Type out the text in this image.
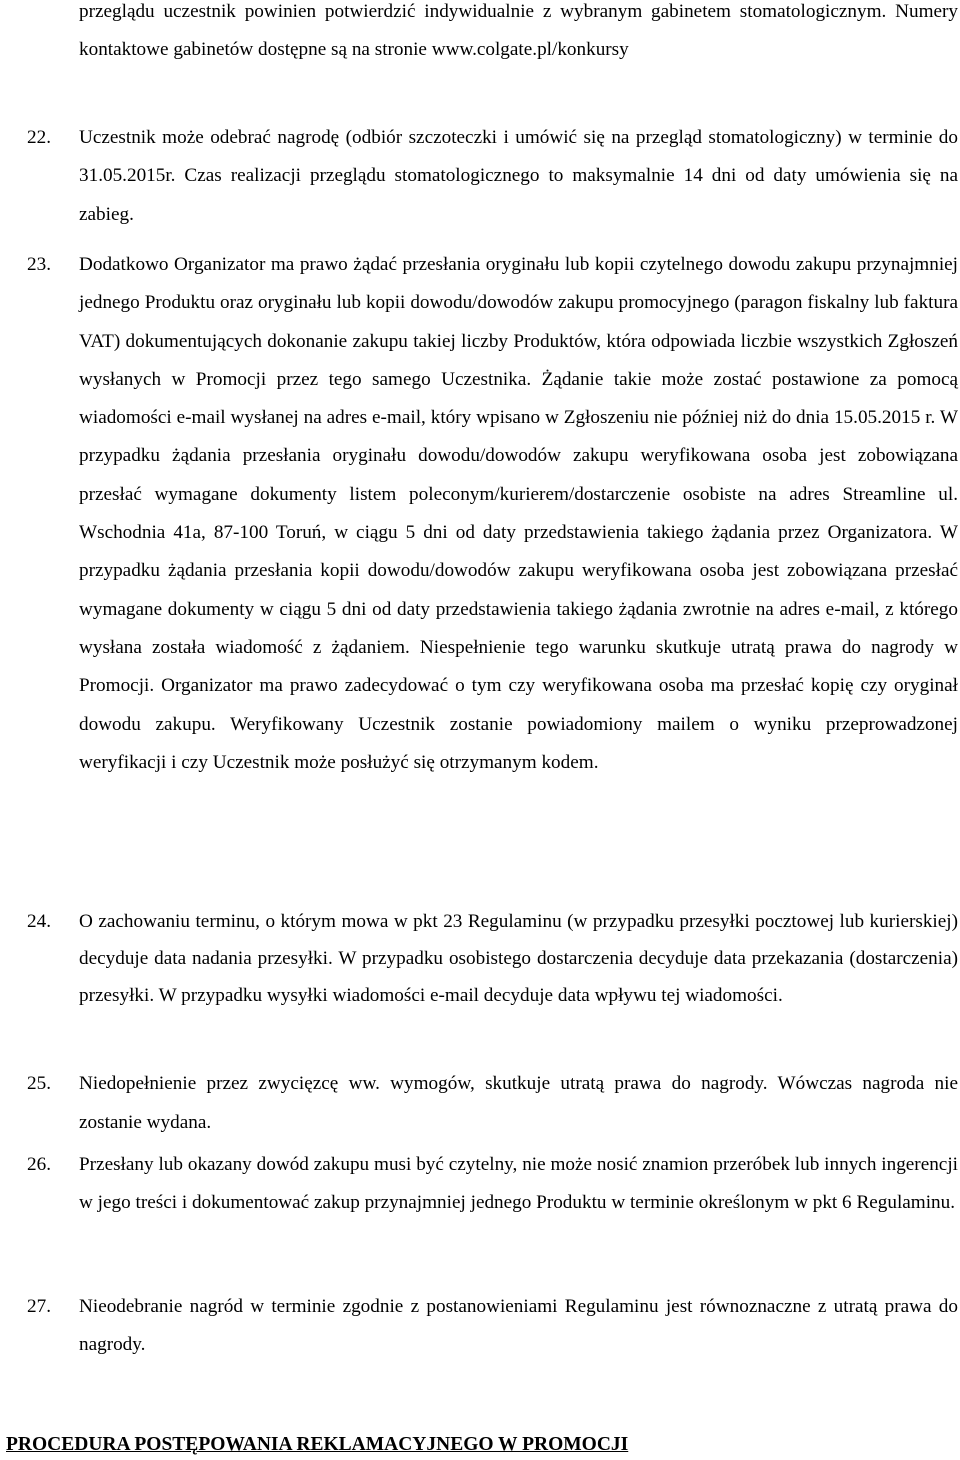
przeglądu uczestnik powinien potwierdzić indywidualnie z wybranym gabinetem stomatologicznym. Numery kontaktowe gabinetów dostępne są na stronie www.colgate.pl/konkursy
22.	Uczestnik może odebrać nagrodę (odbiór szczoteczki i umówić się na przegląd stomatologiczny) w terminie do 31.05.2015r. Czas realizacji przeglądu stomatologicznego to maksymalnie 14 dni od daty umówienia się na zabieg.
23.	Dodatkowo Organizator ma prawo żądać przesłania oryginału lub kopii czytelnego dowodu zakupu przynajmniej jednego Produktu oraz oryginału lub kopii dowodu/dowodów zakupu promocyjnego (paragon fiskalny lub faktura VAT) dokumentujących dokonanie zakupu takiej liczby Produktów, która odpowiada liczbie wszystkich Zgłoszeń wysłanych w Promocji przez tego samego Uczestnika. Żądanie takie może zostać postawione za pomocą wiadomości e-mail wysłanej na adres e-mail, który wpisano w Zgłoszeniu nie później niż do dnia 15.05.2015 r. W przypadku żądania przesłania oryginału dowodu/dowodów zakupu weryfikowana osoba jest zobowiązana przesłać wymagane dokumenty listem poleconym/kurierem/dostarczenie osobiste na adres Streamline ul. Wschodnia 41a, 87-100 Toruń, w ciągu 5 dni od daty przedstawienia takiego żądania przez Organizatora. W przypadku żądania przesłania kopii dowodu/dowodów zakupu weryfikowana osoba jest zobowiązana przesłać wymagane dokumenty w ciągu 5 dni od daty przedstawienia takiego żądania zwrotnie na adres e-mail, z którego wysłana została wiadomość z żądaniem. Niespełnienie tego warunku skutkuje utratą prawa do nagrody w Promocji. Organizator ma prawo zadecydować o tym czy weryfikowana osoba ma przesłać kopię czy oryginał dowodu zakupu. Weryfikowany Uczestnik zostanie powiadomiony mailem o wyniku przeprowadzonej weryfikacji i czy Uczestnik może posłużyć się otrzymanym kodem.
24.	O zachowaniu terminu, o którym mowa w pkt 23 Regulaminu (w przypadku przesyłki pocztowej lub kurierskiej) decyduje data nadania przesyłki. W przypadku osobistego dostarczenia decyduje data przekazania (dostarczenia) przesyłki. W przypadku wysyłki wiadomości e-mail decyduje data wpływu tej wiadomości.
25.	Niedopełnienie przez zwycięzcę ww. wymogów, skutkuje utratą prawa do nagrody. Wówczas nagroda nie zostanie wydana.
26.	Przesłany lub okazany dowód zakupu musi być czytelny, nie może nosić znamion przeróbek lub innych ingerencji w jego treści i dokumentować zakup przynajmniej jednego Produktu w terminie określonym w pkt 6 Regulaminu.
27.	Nieodebranie nagród w terminie zgodnie z postanowieniami Regulaminu jest równoznaczne z utratą prawa do nagrody.
PROCEDURA POSTĘPOWANIA REKLAMACYJNEGO W PROMOCJI
